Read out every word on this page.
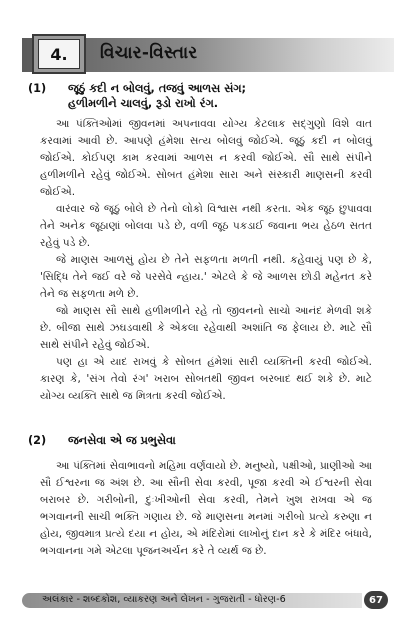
4.	વિચાર-વિસ્તાર
(1) જૂઠું કદી ન બોલવું, તજવું આળસ સંગ;
હળીમળીને ચાલવું, રૂડો રાખો રંગ.

આ પંક્તિઓમાં જીવનમાં અપનાવવા યોગ્ય કેટલાક સદ્ગુણો વિશે વાત કરવામાં આવી છે. આપણે હંમેશા સત્ય બોલવું જોઈએ. જૂઠું કદી ન બોલવું જોઈએ. કોઈપણ કામ કરવામાં આળસ ન કરવી જોઈએ. સૌ સાથે સંપીને હળીમળીને રહેવું જોઈએ. સોબત હંમેશા સારા અને સંસ્કારી માણસની કરવી જોઈએ.

વારંવાર જે જૂઠું બોલે છે તેનો લોકો વિશ્વાસ નથી કરતા. એક જૂઠ છુપાવવા તેને અનેક જૂઠાણાં બોલવા પડે છે, વળી જૂઠ પકડાઈ જવાના ભય હેઠળ સતત રહેવું પડે છે.

જે માણસ આળસું હોય છે તેને સફળતા મળતી નથી. કહેવાયું પણ છે કે, 'સિદ્ધિ તેને જઈ વરે જે પરસેવે ન્હાય.' એટલે કે જે આળસ છોડી મહેનત કરે તેને જ સફળતા મળે છે.

જો માણસ સૌ સાથે હળીમળીને રહે તો જીવનનો સાચો આનંદ મેળવી શકે છે. બીજા સાથે ઝઘડવાથી કે એકલા રહેવાથી અશાંતિ જ ફેલાય છે. માટે સૌ સાથે સંપીને રહેવું જોઈએ.

પણ હા એ યાદ રાખવું કે સોબત હંમેશાં સારી વ્યક્તિની કરવી જોઈએ. કારણ કે, 'સંગ તેવો રંગ' ખરાબ સોબતથી જીવન બરબાદ થઈ શકે છે. માટે યોગ્ય વ્યક્તિ સાથે જ મિત્રતા કરવી જોઈએ.

(2) જનસેવા એ જ પ્રભુસેવા

આ પંક્તિમાં સેવાભાવનો મહિમા વર્ણવાયો છે. મનુષ્યો, પક્ષીઓ, પ્રાણીઓ આ સૌ ઈશ્વરના જ અંશ છે. આ સૌની સેવા કરવી, પૂજા કરવી એ ઈશ્વરની સેવા બરાબર છે. ગરીબોની, દુઃખીઓની સેવા કરવી, તેમને ખુશ રાખવા એ જ ભગવાનની સાચી ભક્તિ ગણાય છે. જે માણસના મનમાં ગરીબો પ્રત્યે કરુણા ન હોય, જીવમાત્ર પ્રત્યે દયા ન હોય, એ મંદિરોમાં લાખોનું દાન કરે કે મંદિર બંધાવે, ભગવાનના ગમે એટલા પૂજનઅર્ચન કરે તે વ્યર્થ જ છે.

અલંકાર - શબ્દકોશ, વ્યાકરણ અને લેખન - ગુજરાતી - ધોરણ-6	67
